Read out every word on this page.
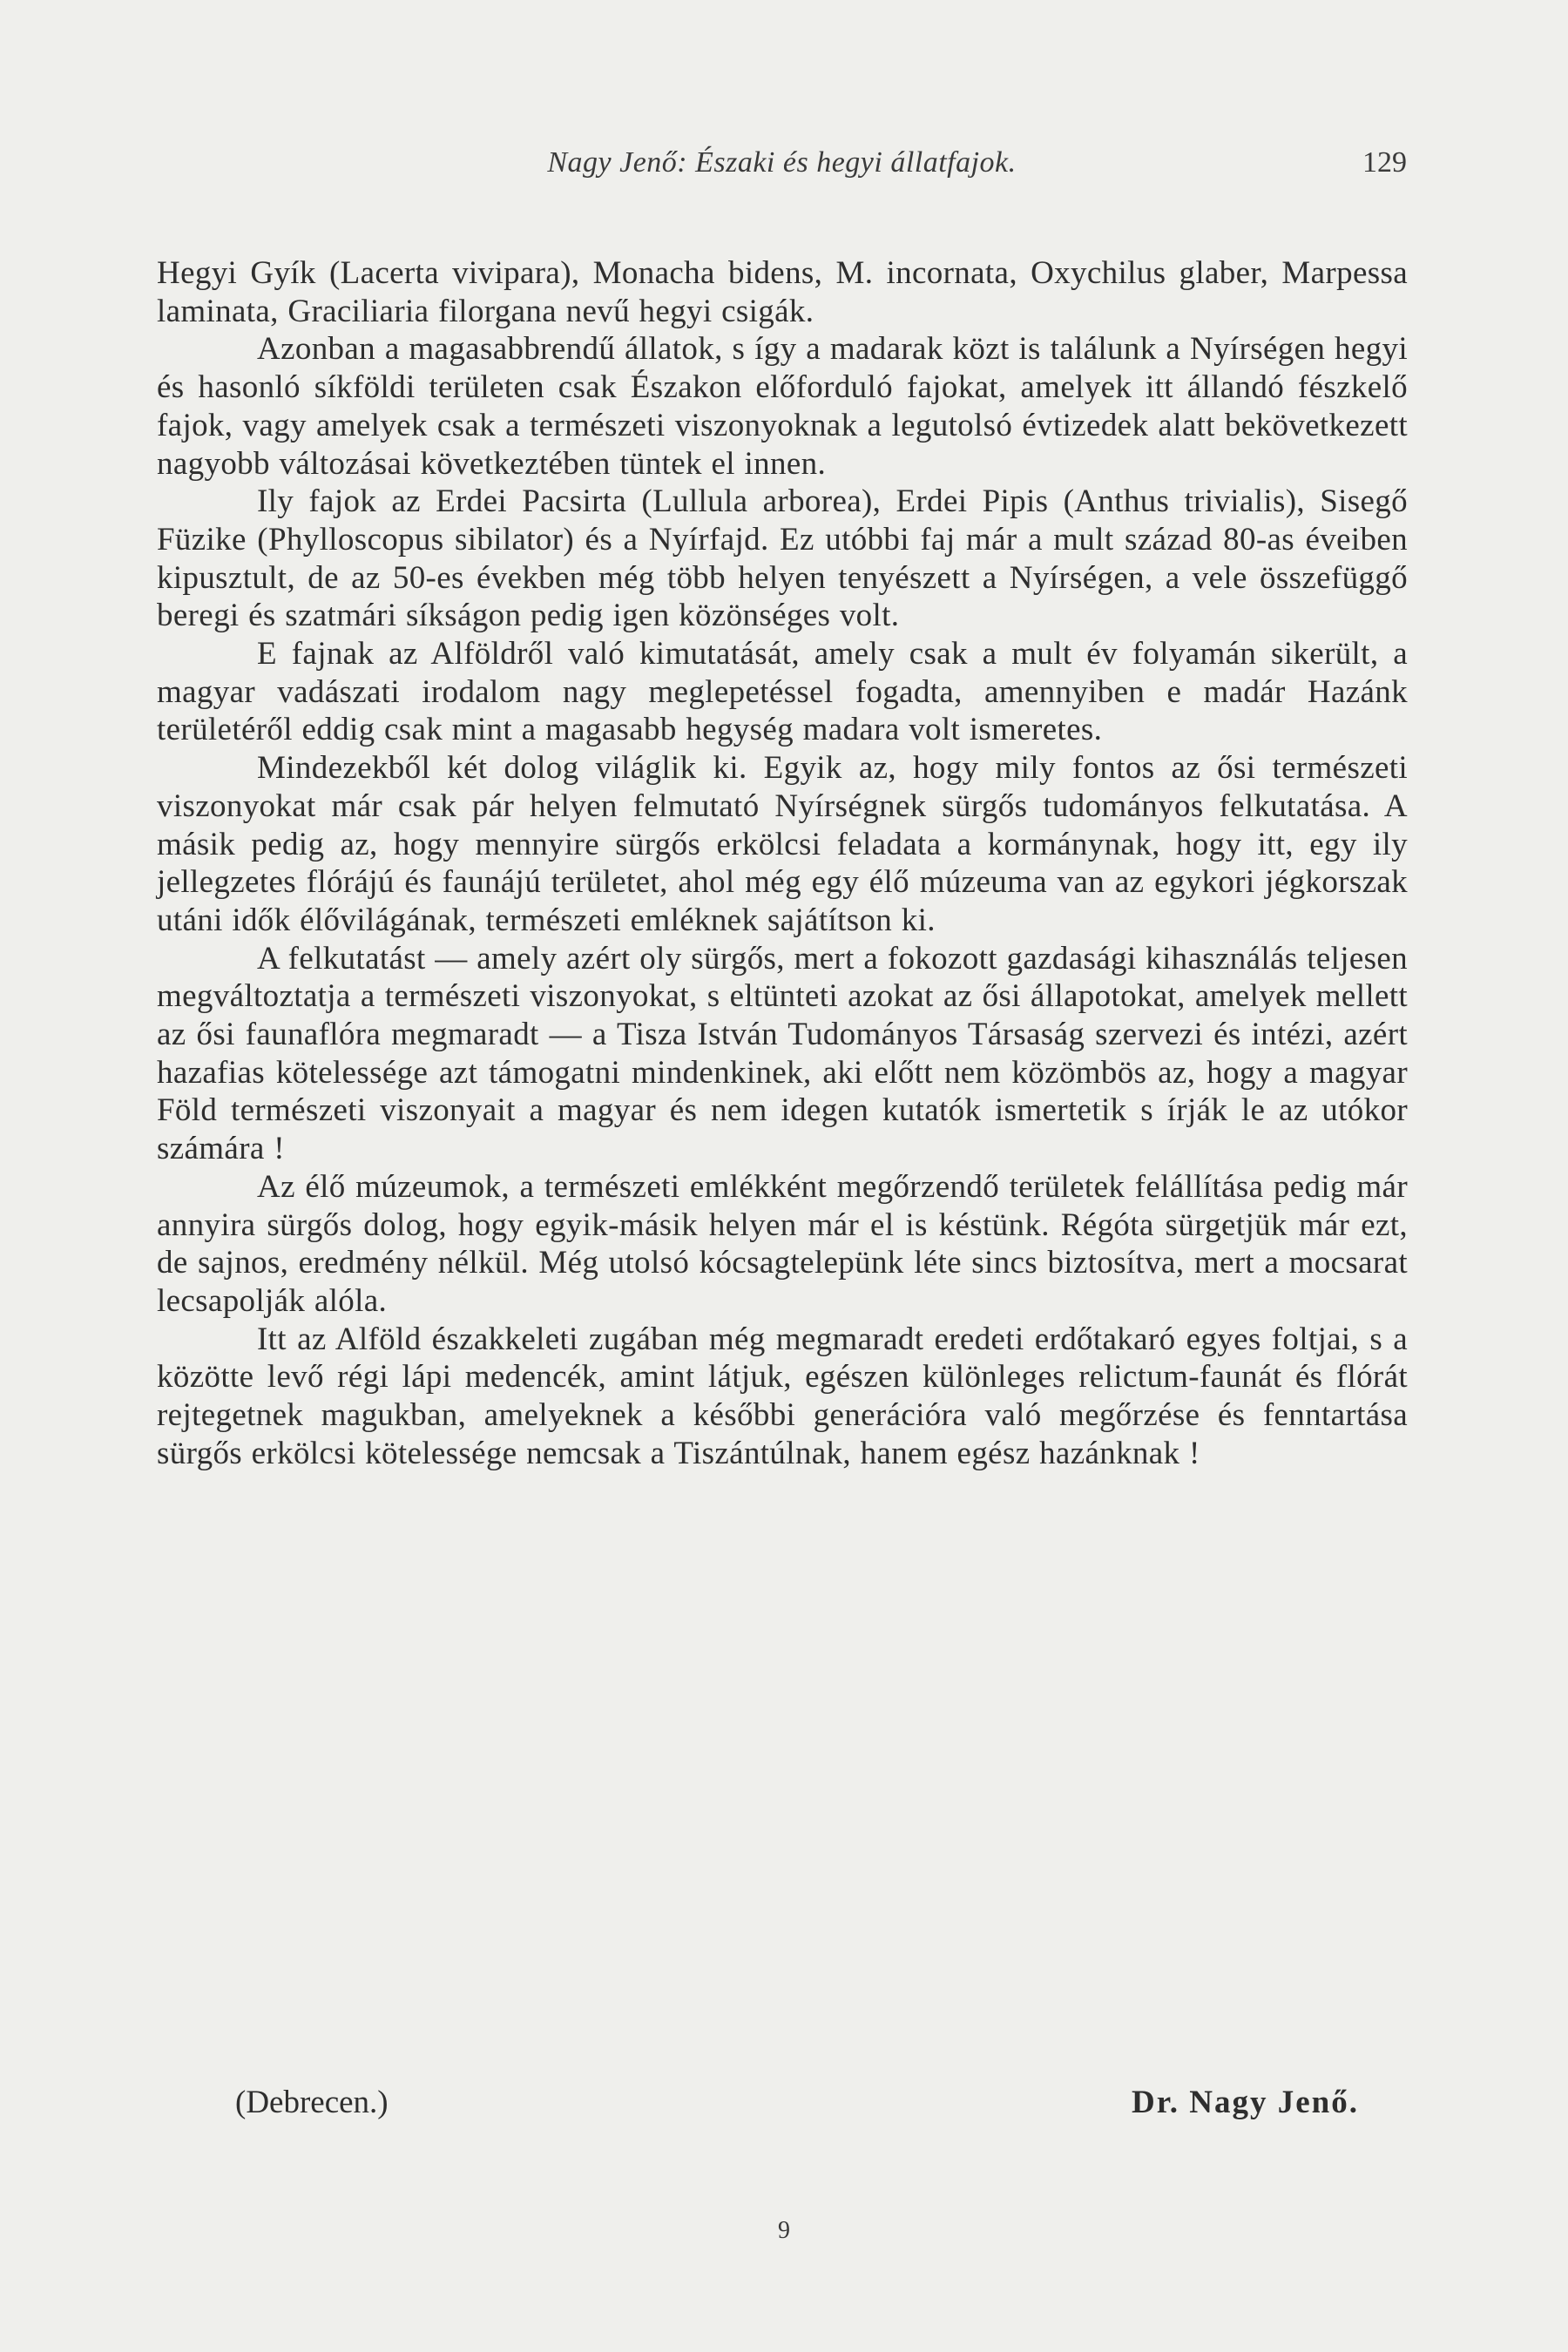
Nagy Jenő: Északi és hegyi állatfajok.	129

Hegyi Gyík (Lacerta vivipara), Monacha bidens, M. incornata, Oxychilus glaber, Marpessa laminata, Graciliaria filorgana nevű hegyi csigák.

Azonban a magasabbrendű állatok, s így a madarak közt is találunk a Nyírségen hegyi és hasonló síkföldi területen csak Északon előforduló fajokat, amelyek itt állandó fészkelő fajok, vagy amelyek csak a természeti viszonyoknak a legutolsó évtizedek alatt bekövetkezett nagyobb változásai következtében tüntek el innen.

Ily fajok az Erdei Pacsirta (Lullula arborea), Erdei Pipis (Anthus trivialis), Sisegő Füzike (Phylloscopus sibilator) és a Nyírfajd. Ez utóbbi faj már a mult század 80-as éveiben kipusztult, de az 50-es években még több helyen tenyészett a Nyírségen, a vele összefüggő beregi és szatmári síkságon pedig igen közönséges volt.

E fajnak az Alföldről való kimutatását, amely csak a mult év folyamán sikerült, a magyar vadászati irodalom nagy meglepetéssel fogadta, amennyiben e madár Hazánk területéről eddig csak mint a magasabb hegység madara volt ismeretes.

Mindezekből két dolog világlik ki. Egyik az, hogy mily fontos az ősi természeti viszonyokat már csak pár helyen felmutató Nyírségnek sürgős tudományos felkutatása. A másik pedig az, hogy mennyire sürgős erkölcsi feladata a kormánynak, hogy itt, egy ily jellegzetes flórájú és faunájú területet, ahol még egy élő múzeuma van az egykori jégkorszak utáni idők élővilágának, természeti emléknek sajátítson ki.

A felkutatást — amely azért oly sürgős, mert a fokozott gazdasági kihasználás teljesen megváltoztatja a természeti viszonyokat, s eltünteti azokat az ősi állapotokat, amelyek mellett az ősi faunaflóra megmaradt — a Tisza István Tudományos Társaság szervezi és intézi, azért hazafias kötelessége azt támogatni mindenkinek, aki előtt nem közömbös az, hogy a magyar Föld természeti viszonyait a magyar és nem idegen kutatók ismertetik s írják le az utókor számára !

Az élő múzeumok, a természeti emlékként megőrzendő területek felállítása pedig már annyira sürgős dolog, hogy egyik-másik helyen már el is késtünk. Régóta sürgetjük már ezt, de sajnos, eredmény nélkül. Még utolsó kócsagtelepünk léte sincs biztosítva, mert a mocsarat lecsapolják alóla.

Itt az Alföld északkeleti zugában még megmaradt eredeti erdőtakaró egyes foltjai, s a közötte levő régi lápi medencék, amint látjuk, egészen különleges relictum-faunát és flórát rejtegetnek magukban, amelyeknek a későbbi generációra való megőrzése és fenntartása sürgős erkölcsi kötelessége nemcsak a Tiszántúlnak, hanem egész hazánknak !

(Debrecen.)	Dr. Nagy Jenő.
9
